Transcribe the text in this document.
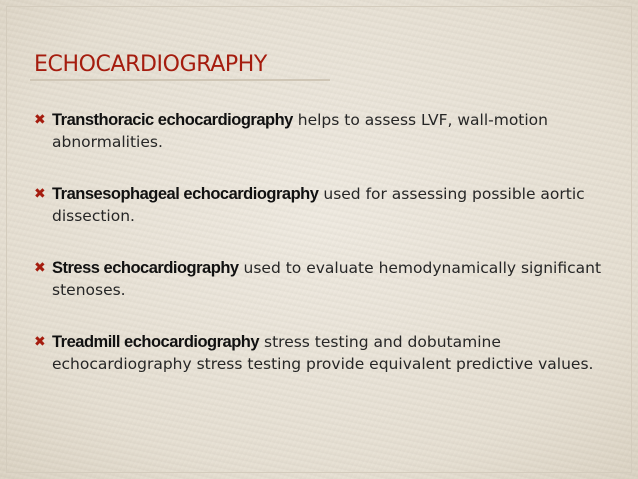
ECHOCARDIOGRAPHY
✖ Transthoracic echocardiography helps to assess LVF, wall-motion abnormalities.
✖ Transesophageal echocardiography used for assessing possible aortic dissection.
✖ Stress echocardiography used to evaluate hemodynamically significant stenoses.
✖ Treadmill echocardiography stress testing and dobutamine echocardiography stress testing provide equivalent predictive values.
